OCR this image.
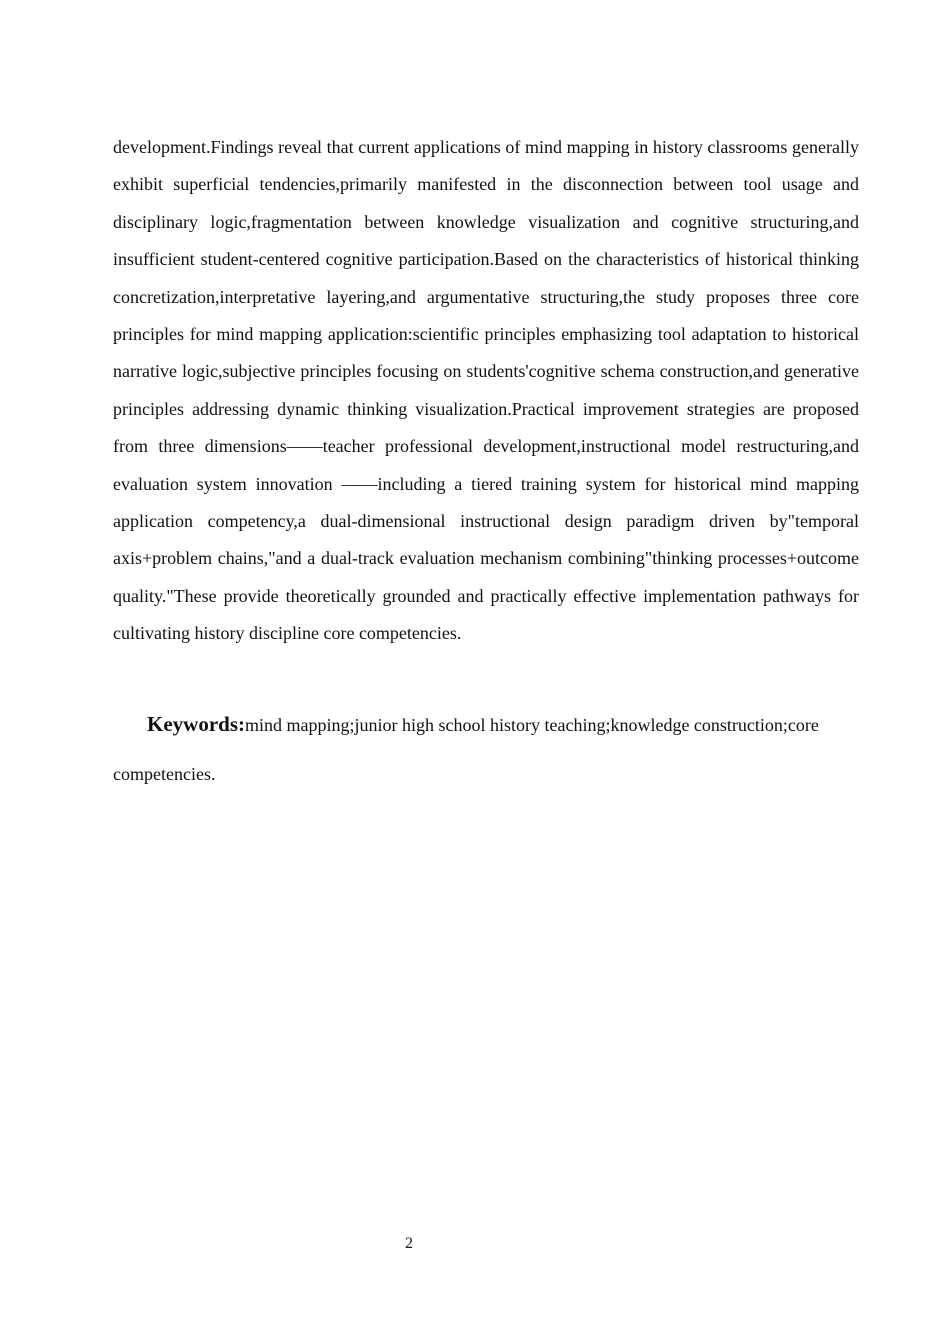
development.Findings reveal that current applications of mind mapping in history classrooms generally exhibit superficial tendencies,primarily manifested in the disconnection between tool usage and disciplinary logic,fragmentation between knowledge visualization and cognitive structuring,and insufficient student-centered cognitive participation.Based on the characteristics of historical thinking concretization,interpretative layering,and argumentative structuring,the study proposes three core principles for mind mapping application:scientific principles emphasizing tool adaptation to historical narrative logic,subjective principles focusing on students'cognitive schema construction,and generative principles addressing dynamic thinking visualization.Practical improvement strategies are proposed from three dimensions——teacher professional development,instructional model restructuring,and evaluation system innovation ——including a tiered training system for historical mind mapping application competency,a dual-dimensional instructional design paradigm driven by"temporal axis+problem chains,"and a dual-track evaluation mechanism combining"thinking processes+outcome quality."These provide theoretically grounded and practically effective implementation pathways for cultivating history discipline core competencies.

Keywords:mind mapping;junior high school history teaching;knowledge construction;core competencies.

2
